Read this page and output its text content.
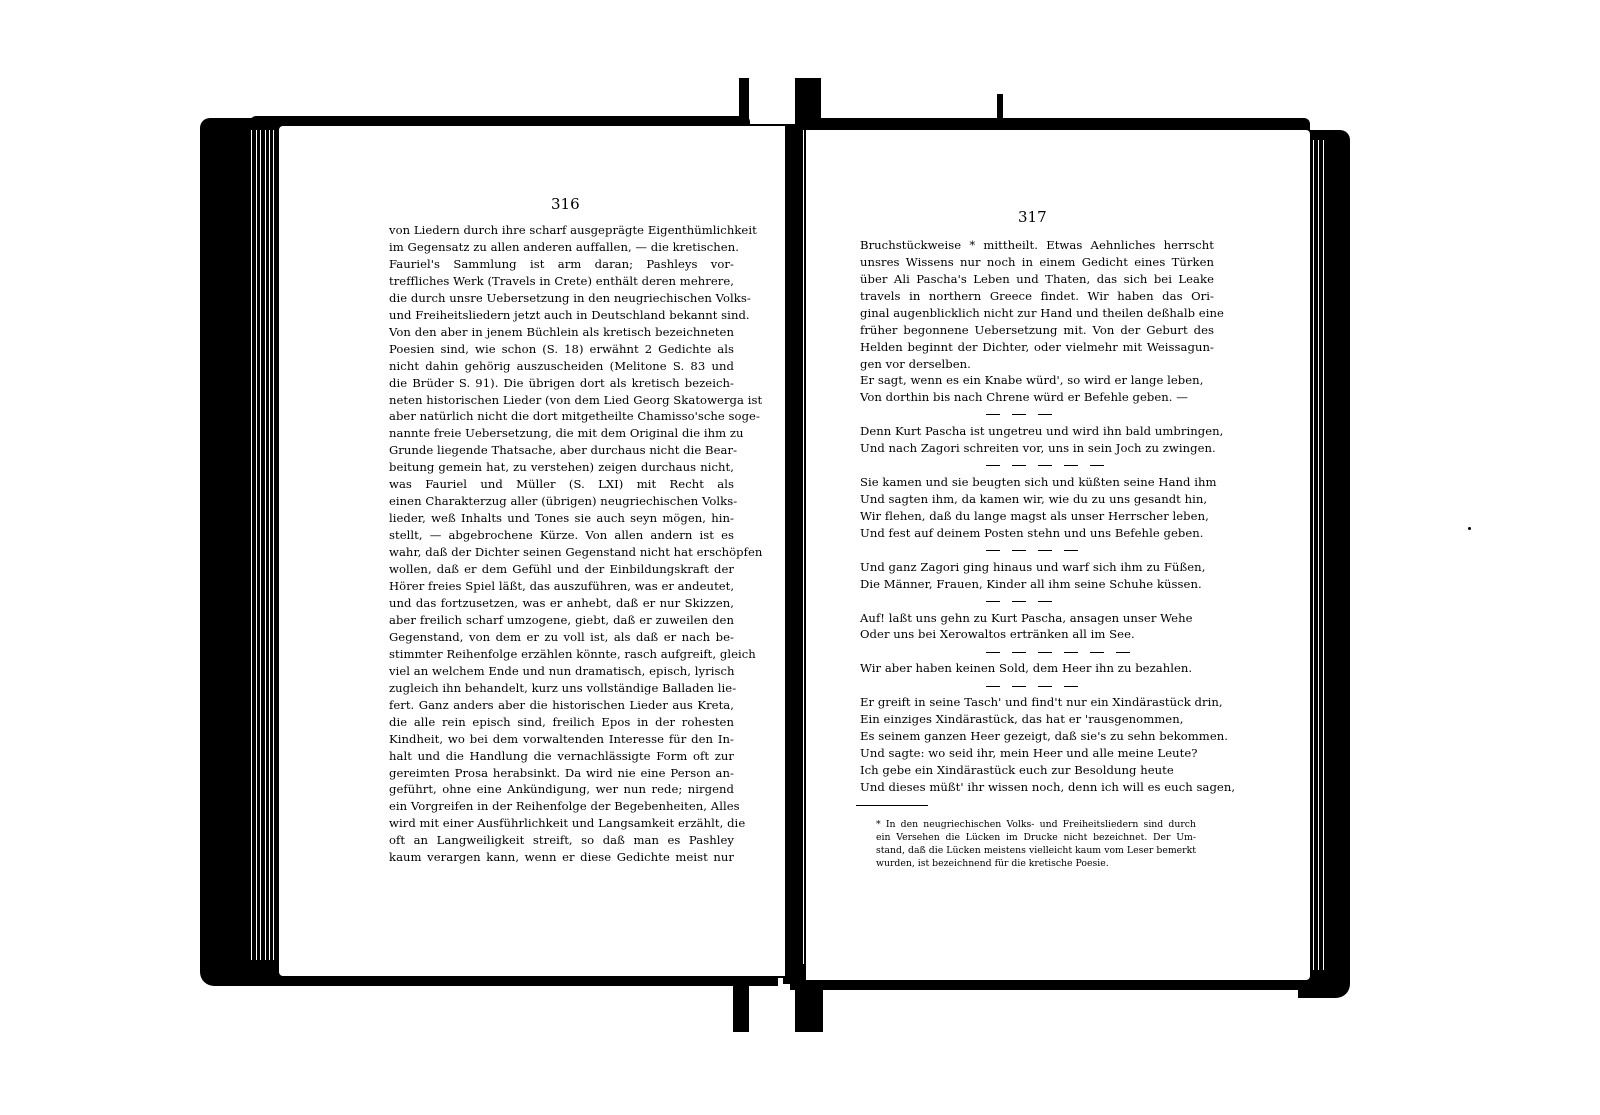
316
von Liedern durch ihre scharf ausgeprägte Eigenthümlichkeit
im Gegensatz zu allen anderen auffallen, — die kretischen.
Fauriel's Sammlung ist arm daran; Pashleys vor-
treffliches Werk (Travels in Crete) enthält deren mehrere,
die durch unsre Uebersetzung in den neugriechischen Volks-
und Freiheitsliedern jetzt auch in Deutschland bekannt sind.
Von den aber in jenem Büchlein als kretisch bezeichneten
Poesien sind, wie schon (S. 18) erwähnt 2 Gedichte als
nicht dahin gehörig auszuscheiden (Melitone S. 83 und
die Brüder S. 91). Die übrigen dort als kretisch bezeich-
neten historischen Lieder (von dem Lied Georg Skatowerga ist
aber natürlich nicht die dort mitgetheilte Chamisso'sche soge-
nannte freie Uebersetzung, die mit dem Original die ihm zu
Grunde liegende Thatsache, aber durchaus nicht die Bear-
beitung gemein hat, zu verstehen) zeigen durchaus nicht,
was Fauriel und Müller (S. LXI) mit Recht als
einen Charakterzug aller (übrigen) neugriechischen Volks-
lieder, weß Inhalts und Tones sie auch seyn mögen, hin-
stellt, — abgebrochene Kürze. Von allen andern ist es
wahr, daß der Dichter seinen Gegenstand nicht hat erschöpfen
wollen, daß er dem Gefühl und der Einbildungskraft der
Hörer freies Spiel läßt, das auszuführen, was er andeutet,
und das fortzusetzen, was er anhebt, daß er nur Skizzen,
aber freilich scharf umzogene, giebt, daß er zuweilen den
Gegenstand, von dem er zu voll ist, als daß er nach be-
stimmter Reihenfolge erzählen könnte, rasch aufgreift, gleich
viel an welchem Ende und nun dramatisch, episch, lyrisch
zugleich ihn behandelt, kurz uns vollständige Balladen lie-
fert. Ganz anders aber die historischen Lieder aus Kreta,
die alle rein episch sind, freilich Epos in der rohesten
Kindheit, wo bei dem vorwaltenden Interesse für den In-
halt und die Handlung die vernachlässigte Form oft zur
gereimten Prosa herabsinkt. Da wird nie eine Person an-
geführt, ohne eine Ankündigung, wer nun rede; nirgend
ein Vorgreifen in der Reihenfolge der Begebenheiten, Alles
wird mit einer Ausführlichkeit und Langsamkeit erzählt, die
oft an Langweiligkeit streift, so daß man es Pashley
kaum verargen kann, wenn er diese Gedichte meist nur
317
Bruchstückweise * mittheilt. Etwas Aehnliches herrscht
unsres Wissens nur noch in einem Gedicht eines Türken
über Ali Pascha's Leben und Thaten, das sich bei Leake
travels in northern Greece findet. Wir haben das Ori-
ginal augenblicklich nicht zur Hand und theilen deßhalb eine
früher begonnene Uebersetzung mit. Von der Geburt des
Helden beginnt der Dichter, oder vielmehr mit Weissagun-
gen vor derselben.
Er sagt, wenn es ein Knabe würd', so wird er lange leben,
Von dorthin bis nach Chrene würd er Befehle geben. —
Denn Kurt Pascha ist ungetreu und wird ihn bald umbringen,
Und nach Zagori schreiten vor, uns in sein Joch zu zwingen.
Sie kamen und sie beugten sich und küßten seine Hand ihm
Und sagten ihm, da kamen wir, wie du zu uns gesandt hin,
Wir flehen, daß du lange magst als unser Herrscher leben,
Und fest auf deinem Posten stehn und uns Befehle geben.
Und ganz Zagori ging hinaus und warf sich ihm zu Füßen,
Die Männer, Frauen, Kinder all ihm seine Schuhe küssen.
Auf! laßt uns gehn zu Kurt Pascha, ansagen unser Wehe
Oder uns bei Xerowaltos ertränken all im See.
Wir aber haben keinen Sold, dem Heer ihn zu bezahlen.
Er greift in seine Tasch' und find't nur ein Xindärastück drin,
Ein einziges Xindärastück, das hat er 'rausgenommen,
Es seinem ganzen Heer gezeigt, daß sie's zu sehn bekommen.
Und sagte: wo seid ihr, mein Heer und alle meine Leute?
Ich gebe ein Xindärastück euch zur Besoldung heute
Und dieses müßt' ihr wissen noch, denn ich will es euch sagen,
* In den neugriechischen Volks- und Freiheitsliedern sind durch
ein Versehen die Lücken im Drucke nicht bezeichnet. Der Um-
stand, daß die Lücken meistens vielleicht kaum vom Leser bemerkt
wurden, ist bezeichnend für die kretische Poesie.
